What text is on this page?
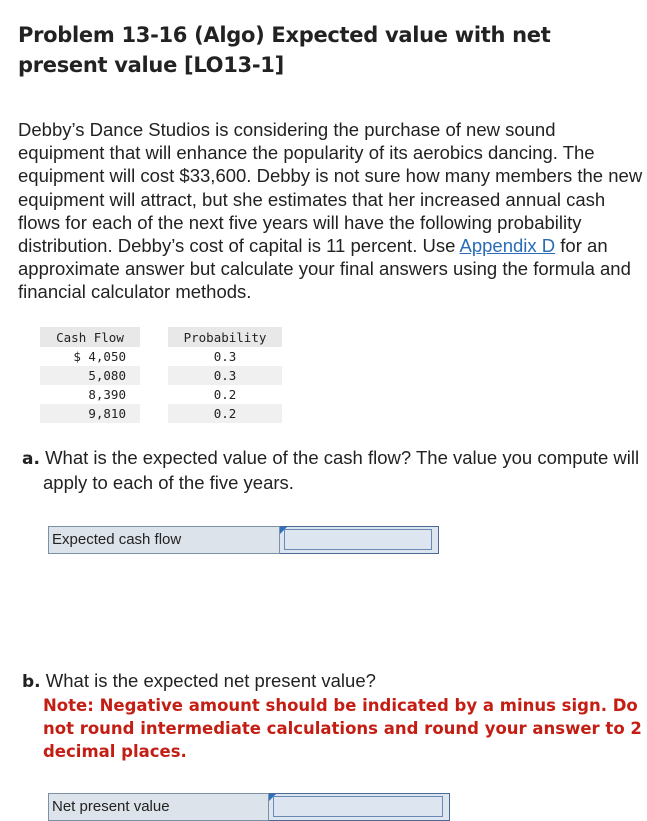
Problem 13-16 (Algo) Expected value with net present value [LO13-1]
Debby’s Dance Studios is considering the purchase of new sound equipment that will enhance the popularity of its aerobics dancing. The equipment will cost $33,600. Debby is not sure how many members the new equipment will attract, but she estimates that her increased annual cash flows for each of the next five years will have the following probability distribution. Debby’s cost of capital is 11 percent. Use Appendix D for an approximate answer but calculate your final answers using the formula and financial calculator methods.
Cash Flow		Probability
$ 4,050		0.3
5,080		0.3
8,390		0.2
9,810		0.2
a. What is the expected value of the cash flow? The value you compute will apply to each of the five years.
Expected cash flow
b. What is the expected net present value?
Note: Negative amount should be indicated by a minus sign. Do not round intermediate calculations and round your answer to 2 decimal places.
Net present value
